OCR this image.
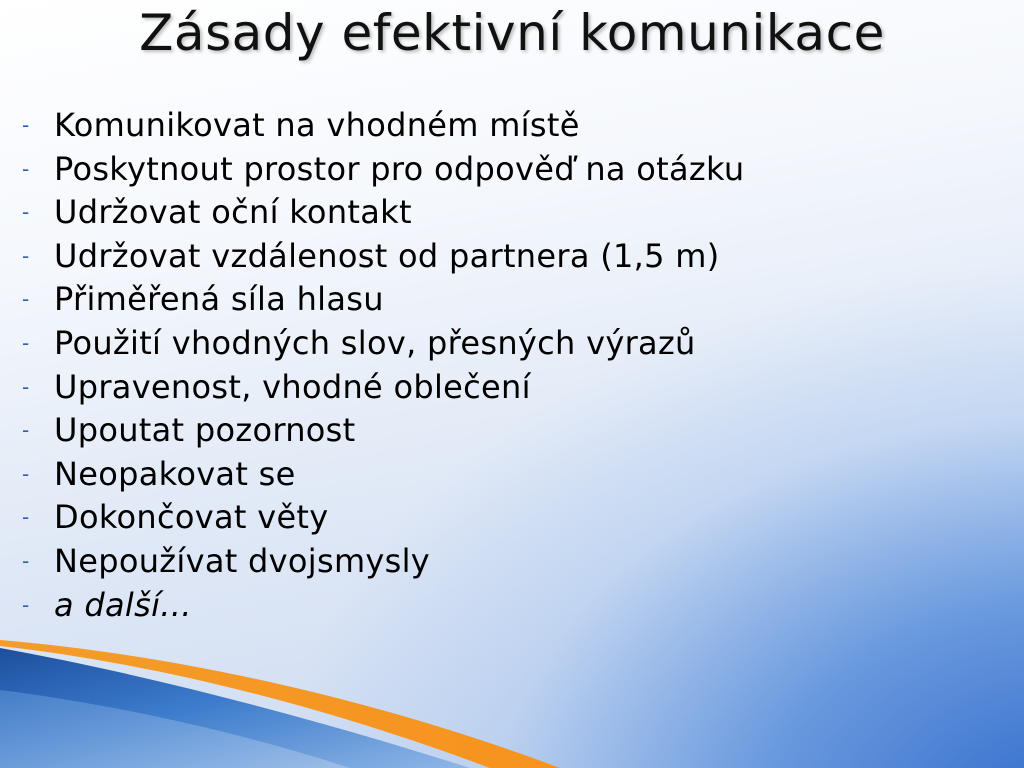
Zásady efektivní komunikace
- Komunikovat na vhodném místě
- Poskytnout prostor pro odpověď na otázku
- Udržovat oční kontakt
- Udržovat vzdálenost od partnera (1,5 m)
- Přiměřená síla hlasu
- Použití vhodných slov, přesných výrazů
- Upravenost, vhodné oblečení
- Upoutat pozornost
- Neopakovat se
- Dokončovat věty
- Nepoužívat dvojsmysly
- a další...
